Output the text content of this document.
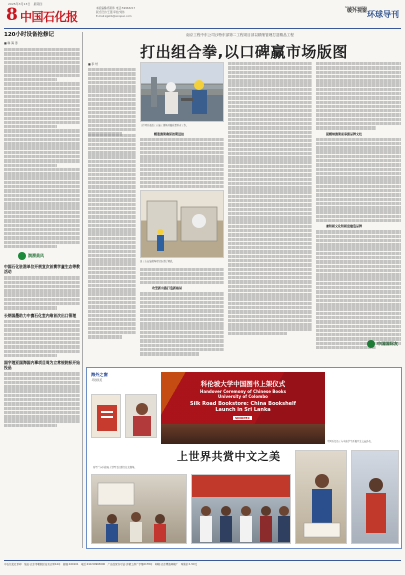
2025年3月13日　星期四
8 中国石化报
本版编辑/蒋朝华 电话:59963217
版式设计/王强 审校/刘伟
E-mail:zgshb@sinopec.com
Global Insights
缓外视窗 环球导刊
120小时设备抢修记
■ 韩 海 涛
润滑美风
中国石化驻港单位开展宣次首赛学童生态等教活动
长钢国墨助力中寰石化室内维首次出口管理
国字理亚国海国内事项目周为立常规院标开始投品
南京工程中东公司沙特东部第二工程项目部以精细管理打造精品工程
打出组合拳,以口碑赢市场版图
■ 李 轩
工程项目部员工在施工现场开展质量检查工作。
精准施策确保按期进站
员工在安装现场对设备进行调试。
攻坚新出路打造新格局
提精细施策前事源品牌支柱
兼积极文化积极宣建造品牌
海外之窗
·环球纵览
中国国际友
科伦坡大学中国图书上架仪式
Handover Ceremony of Chinese Books
University of Colombo
Silk Road Bookstore: China Bookshelf
Launch in Sri Lanka
SINOPEC
上世界共赏中文之美
斯里兰卡科伦坡大学图书馆赠书仪式现场。
中国石化员工与当地学生开展中文交流活动。
中石化报社承印　地址:北京市朝阳区安苑北里14号　邮编:100101　电话:010-59963000　广告经营许可证:京朝工商广字第0178号　印刷:北京博海印刷厂　零售价:1.50元
